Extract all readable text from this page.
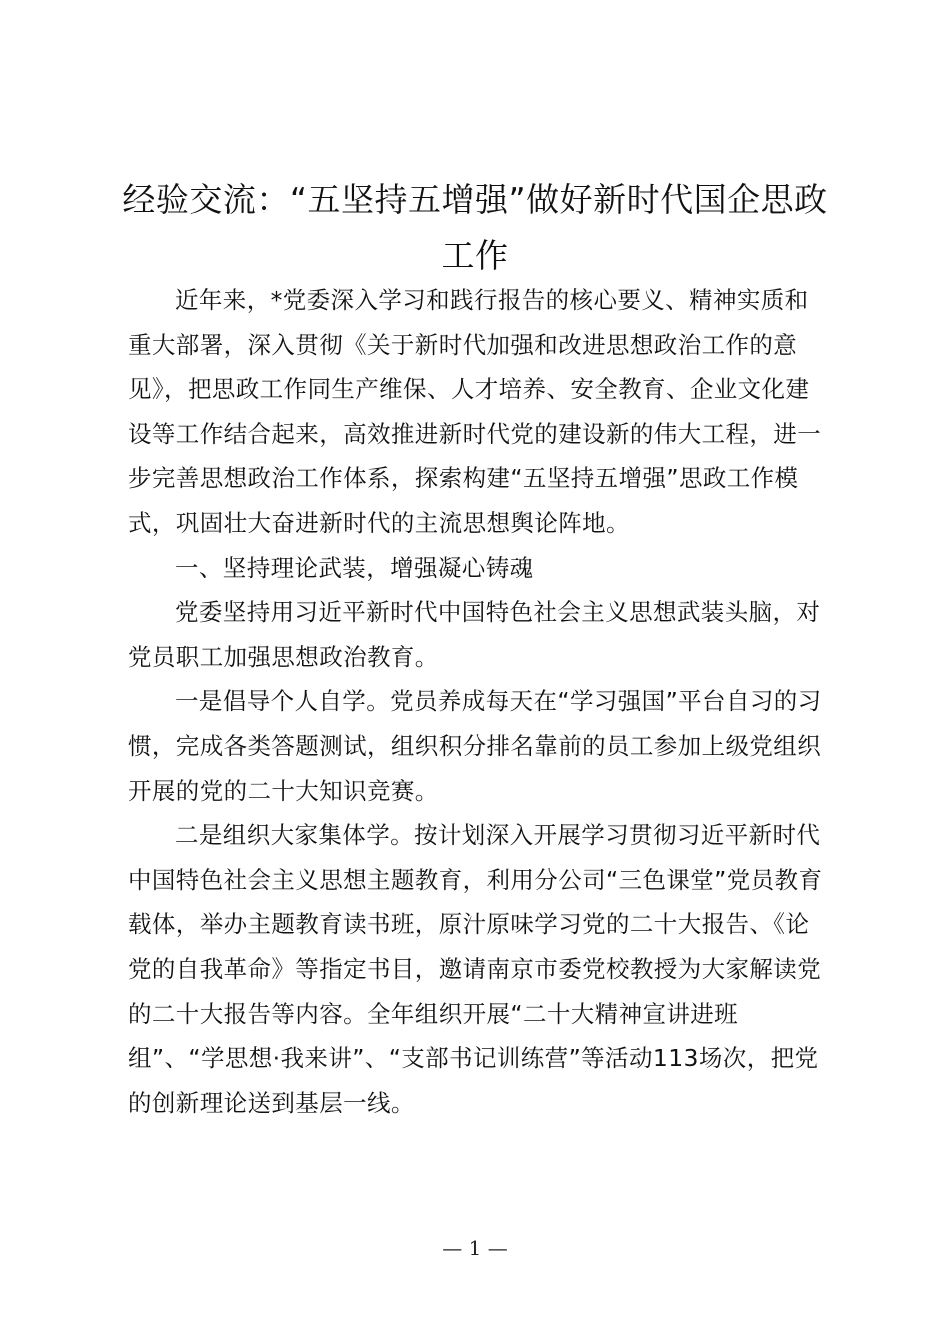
经验交流：“五坚持五增强”做好新时代国企思政工作

近年来，*党委深入学习和践行报告的核心要义、精神实质和重大部署，深入贯彻《关于新时代加强和改进思想政治工作的意见》，把思政工作同生产维保、人才培养、安全教育、企业文化建设等工作结合起来，高效推进新时代党的建设新的伟大工程，进一步完善思想政治工作体系，探索构建“五坚持五增强”思政工作模式，巩固壮大奋进新时代的主流思想舆论阵地。

一、坚持理论武装，增强凝心铸魂

党委坚持用习近平新时代中国特色社会主义思想武装头脑，对党员职工加强思想政治教育。

一是倡导个人自学。党员养成每天在“学习强国”平台自习的习惯，完成各类答题测试，组织积分排名靠前的员工参加上级党组织开展的党的二十大知识竞赛。

二是组织大家集体学。按计划深入开展学习贯彻习近平新时代中国特色社会主义思想主题教育，利用分公司“三色课堂”党员教育载体，举办主题教育读书班，原汁原味学习党的二十大报告、《论党的自我革命》等指定书目，邀请南京市委党校教授为大家解读党的二十大报告等内容。全年组织开展“二十大精神宣讲进班组”、“学思想·我来讲”、“支部书记训练营”等活动113场次，把党的创新理论送到基层一线。

— 1 —
